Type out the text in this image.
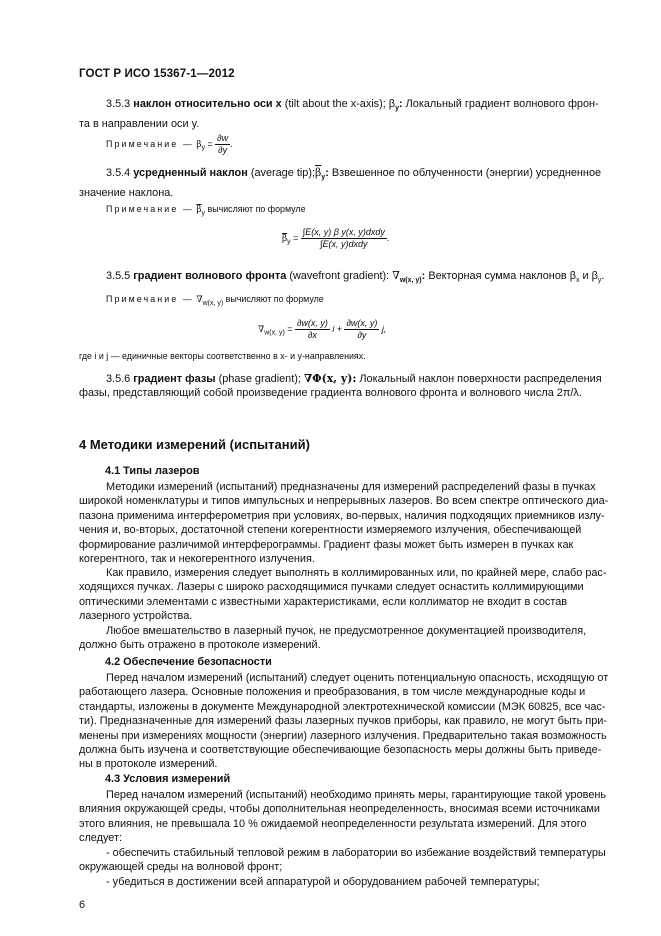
ГОСТ Р ИСО 15367-1—2012
3.5.3 наклон относительно оси x (tilt about the x-axis); $\beta_y$: Локальный градиент волнового фрон-
та в направлении оси y.
Примечание — $\beta_y = \frac{\partial w}{\partial y}$ .
3.5.4 усредненный наклон (average $tip);\overline{\beta}_y$: Взвешенное по облученности (энергии) усредненное
значение наклона.
Примечание — $\overline{\beta}_y$ вычисляют по формуле
$\overline{\beta}_y = \frac{\text{∫E(x, y) β y(x, y)dxdy}}{\text{∫E(x, y)dxdy}}$ .
3.5.5 градиент волнового фронта (wavefront gradient): $\nabla_{w(x, y)}$: Векторная сумма наклонов $\beta_x$ и $\beta_y$.
Примечание — $\nabla_{w(x, y)}$ вычисляют по формуле
$\nabla_{w(x, y)} = \frac{\partial w(x, y)}{\partial x}$ $i + \frac{\partial w(x, y)}{\partial y} j$,
где i и j — единичные векторы соответственно в x- и y-направлениях.
3.5.6 градиент фазы (phase gradient); ∇Φ(x, y): Локальный наклон поверхности распределения
фазы, представляющий собой произведение градиента волнового фронта и волнового числа 2π/λ.
4 Методики измерений (испытаний)
4.1 Типы лазеров
Методики измерений (испытаний) предназначены для измерений распределений фазы в пучках
широкой номенклатуры и типов импульсных и непрерывных лазеров. Во всем спектре оптического диа-
пазона применима интерферометрия при условиях, во-первых, наличия подходящих приемников излу-
чения и, во-вторых, достаточной степени когерентности измеряемого излучения, обеспечивающей
формирование различимой интерферограммы. Градиент фазы может быть измерен в пучках как
когерентного, так и некогерентного излучения.
Как правило, измерения следует выполнять в коллимированных или, по крайней мере, слабо рас-
ходящихся пучках. Лазеры с широко расходящимися пучками следует оснастить коллимирующими
оптическими элементами с известными характеристиками, если коллиматор не входит в состав
лазерного устройства.
Любое вмешательство в лазерный пучок, не предусмотренное документацией производителя,
должно быть отражено в протоколе измерений.
4.2 Обеспечение безопасности
Перед началом измерений (испытаний) следует оценить потенциальную опасность, исходящую от
работающего лазера. Основные положения и преобразования, в том числе международные коды и
стандарты, изложены в документе Международной электротехнической комиссии (МЭК 60825, все час-
ти). Предназначенные для измерений фазы лазерных пучков приборы, как правило, не могут быть при-
менены при измерениях мощности (энергии) лазерного излучения. Предварительно такая возможность
должна быть изучена и соответствующие обеспечивающие безопасность меры должны быть приведе-
ны в протоколе измерений.
4.3 Условия измерений
Перед началом измерений (испытаний) необходимо принять меры, гарантирующие такой уровень
влияния окружающей среды, чтобы дополнительная неопределенность, вносимая всеми источниками
этого влияния, не превышала 10 % ожидаемой неопределенности результата измерений. Для этого
следует:
- обеспечить стабильный тепловой режим в лаборатории во избежание воздействий температуры
окружающей среды на волновой фронт;
- убедиться в достижении всей аппаратурой и оборудованием рабочей температуры;
6
